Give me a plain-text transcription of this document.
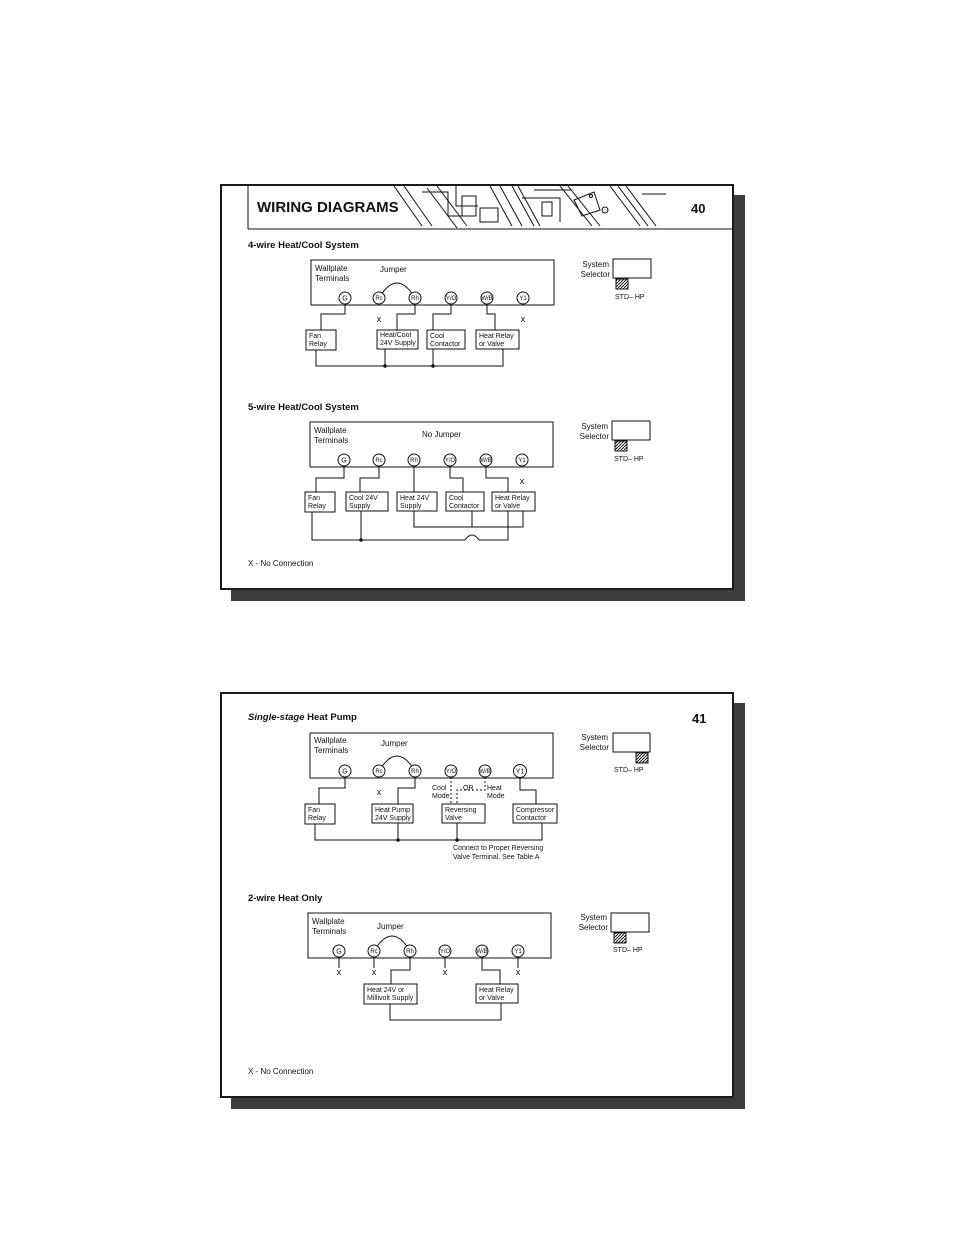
WIRING DIAGRAMS	40
4-wire Heat/Cool System
Wallplate
Terminals
Jumper
G	Rc	Rh	Y/O	W/B	Y1
x	x
Fan
Relay
Heat/Cool
24V Supply
Cool
Contactor
Heat Relay
or Valve
System
Selector
STD– HP
5-wire Heat/Cool System
Wallplate
Terminals
No Jumper
G	Rc	Rh	Y/O	W/B	Y1
x
Fan
Relay
Cool 24V
Supply
Heat 24V
Supply
Cool
Contactor
Heat Relay
or Valve
System
Selector
STD– HP
X - No Connection
41
Single-stage Heat Pump
Wallplate
Terminals
Jumper
G	Rc	Rh	Y/O	W/B	Y1
x	Cool
Mode
OR Heat
Mode
Fan
Relay
Heat Pump
24V Supply
Reversing
Valve
Compressor
Contactor
Connect to Proper Reversing
Valve Terminal. See Table A
System
Selector
STD– HP
2-wire Heat Only
Wallplate
Terminals
Jumper
G	Rc	Rh	Y/O	W/B	Y1
x	x	x	x
Heat 24V or
Millivolt Supply
Heat Relay
or Valve
System
Selector
STD– HP
X - No Connection
